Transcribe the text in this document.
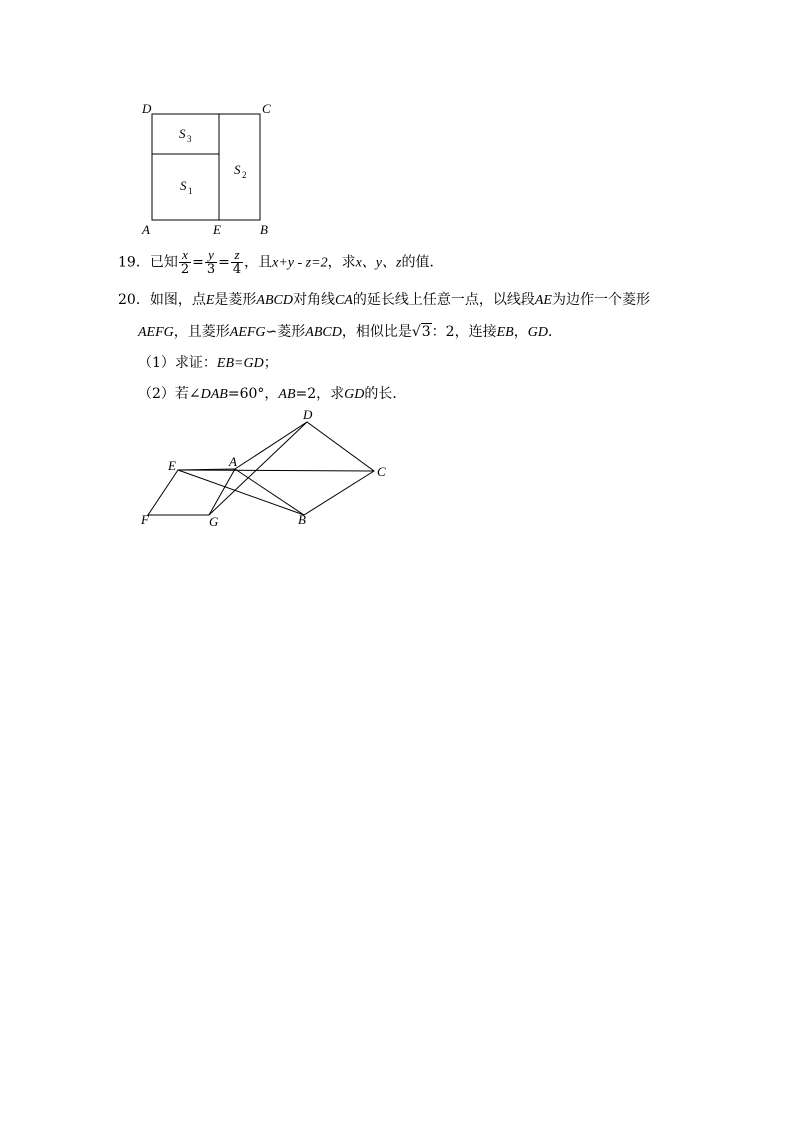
D	C
A	E	B
S 3
S 1
S 2
19．已知 $\frac{x}{2} = \frac{y}{3} = \frac{z}{4}$ ，且x+y - z=2，求x、y、z的值．
20．如图，点E是菱形ABCD对角线CA的延长线上任意一点，以线段AE为边作一个菱形
AEFG，且菱形AEFG∽菱形ABCD，相似比是√3：2，连接EB，GD．
（1）求证：EB=GD；
（2）若∠DAB=60°，AB=2，求GD的长．
D
E	A
C
F	G	B
